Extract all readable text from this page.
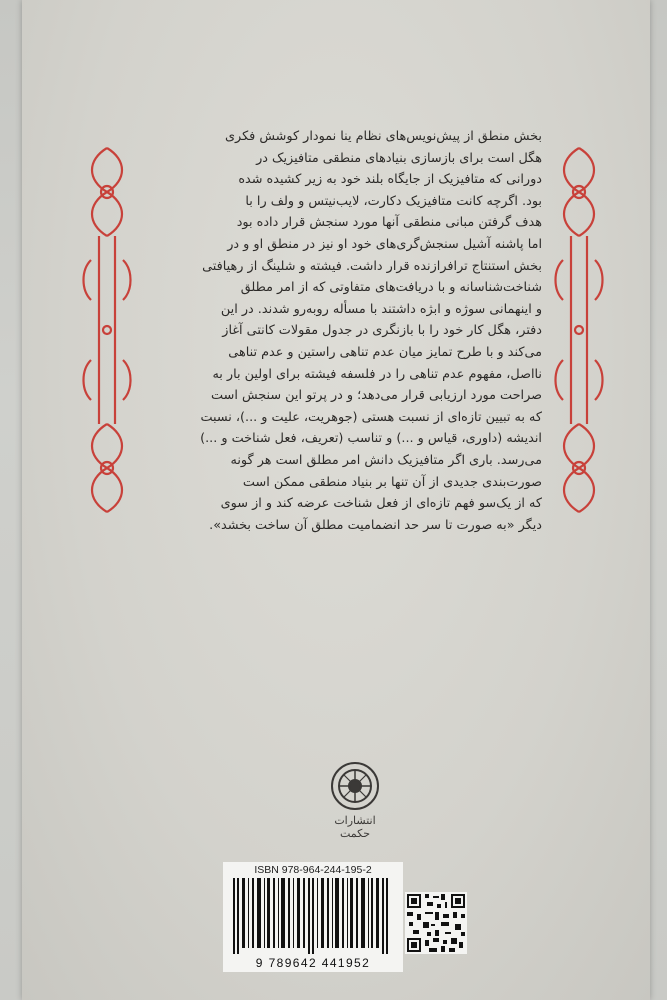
بخش منطق از پیش‌نویس‌های نظام ینا نمودار کوشش فکری

هگل است برای بازسازی بنیادهای منطقی متافیزیک در

دورانی که متافیزیک از جایگاه بلند خود به زیر کشیده شده

بود. اگرچه کانت متافیزیک دکارت، لایب‌نیتس و ولف را با

هدف گرفتن مبانی منطقی آنها مورد سنجش قرار داده بود

اما پاشنه آشیل سنجش‌گری‌های خود او نیز در منطق او و در

بخش استنتاج ترافرازنده قرار داشت. فیشته و شلینگ از رهیافتی

شناخت‌شناسانه و با دریافت‌های متفاوتی که از امر مطلق

و اینهمانی سوژه و ابژه داشتند با مسأله روبه‌رو شدند. در این

دفتر، هگل کار خود را با بازنگری در جدول مقولات کانتی آغاز

می‌کند و با طرح تمایز میان عدم تناهی راستین و عدم تناهی

نااصل، مفهوم عدم تناهی را در فلسفه فیشته برای اولین بار به

صراحت مورد ارزیابی قرار می‌دهد؛ و در پرتو این سنجش است

که به تبیین تازه‌ای از نسبت هستی (جوهریت، علیت و ...)، نسبت

اندیشه (داوری، قیاس و ...) و تناسب (تعریف، فعل شناخت و ...)

می‌رسد. باری اگر متافیزیک دانش امر مطلق است هر گونه

صورت‌بندی جدیدی از آن تنها بر بنیاد منطقی ممکن است

که از یک‌سو فهم تازه‌ای از فعل شناخت عرضه کند و از سوی

دیگر «به صورت تا سر حد انضمامیت مطلق آن ساخت بخشد».

انتشارات حکمت
ISBN 978-964-244-195-2
9 789642 441952
